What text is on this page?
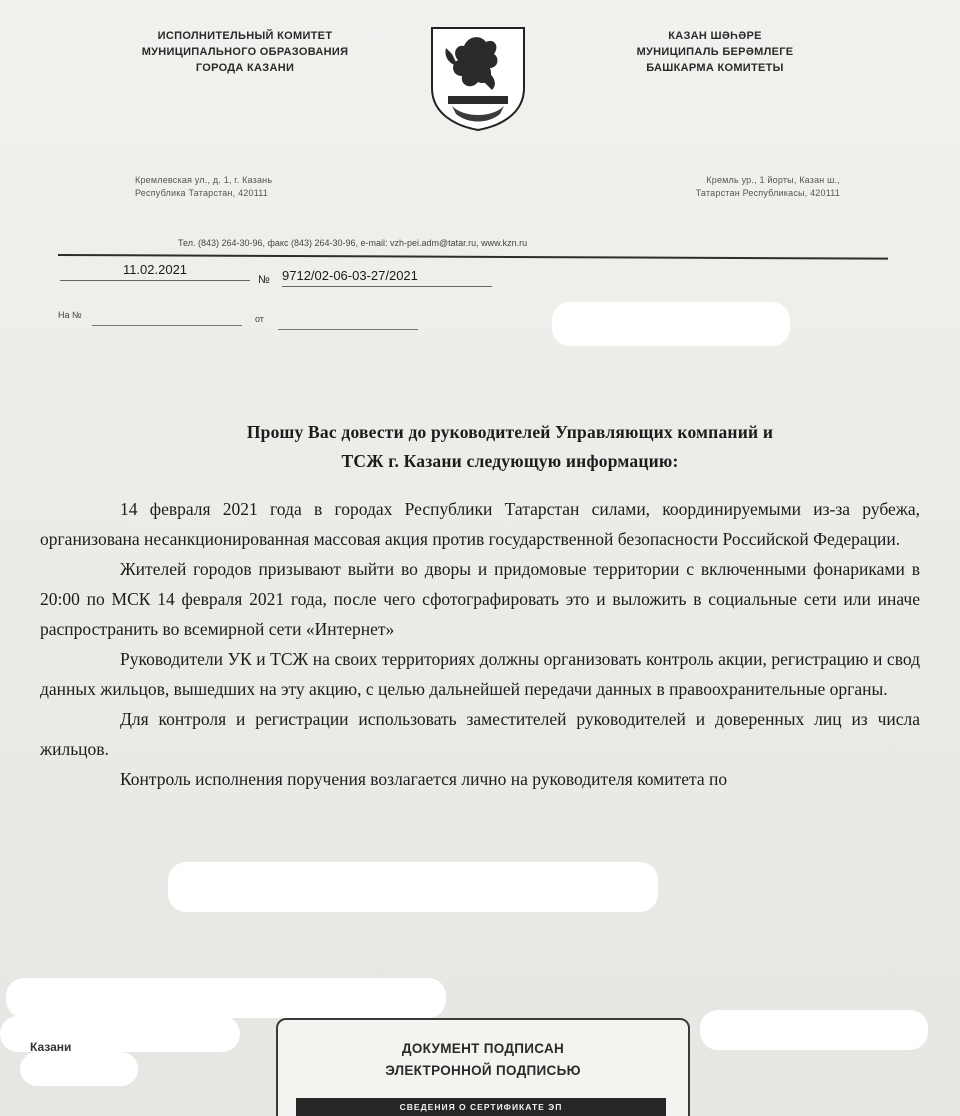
ИСПОЛНИТЕЛЬНЫЙ КОМИТЕТ
МУНИЦИПАЛЬНОГО ОБРАЗОВАНИЯ
ГОРОДА КАЗАНИ
КАЗАН ШӘҺӘРЕ
МУНИЦИПАЛЬ БЕРӘМЛЕГЕ
БАШКАРМА КОМИТЕТЫ
Кремлевская ул., д. 1, г. Казань
Республика Татарстан, 420111
Кремль ур., 1 йорты, Казан ш.,
Татарстан Республикасы, 420111
Тел. (843) 264-30-96, факс (843) 264-30-96, e-mail: vzh-pei.adm@tatar.ru, www.kzn.ru
11.02.2021
№ 9712/02-06-03-27/2021
На №	от
Прошу Вас довести до руководителей Управляющих компаний и
ТСЖ г. Казани следующую информацию:

14 февраля 2021 года в городах Республики Татарстан силами, координируемыми из-за рубежа, организована несанкционированная массовая акция против государственной безопасности Российской Федерации.

Жителей городов призывают выйти во дворы и придомовые территории с включенными фонариками в 20:00 по МСК 14 февраля 2021 года, после чего сфотографировать это и выложить в социальные сети или иначе распространить во всемирной сети «Интернет»

Руководители УК и ТСЖ на своих территориях должны организовать контроль акции, регистрацию и свод данных жильцов, вышедших на эту акцию, с целью дальнейшей передачи данных в правоохранительные органы.

Для контроля и регистрации использовать заместителей руководителей и доверенных лиц из числа жильцов.

Контроль исполнения поручения возлагается лично на руководителя комитета по

Казани	ДОКУМЕНТ ПОДПИСАН
ЭЛЕКТРОННОЙ ПОДПИСЬЮ
СВЕДЕНИЯ О СЕРТИФИКАТЕ ЭП
